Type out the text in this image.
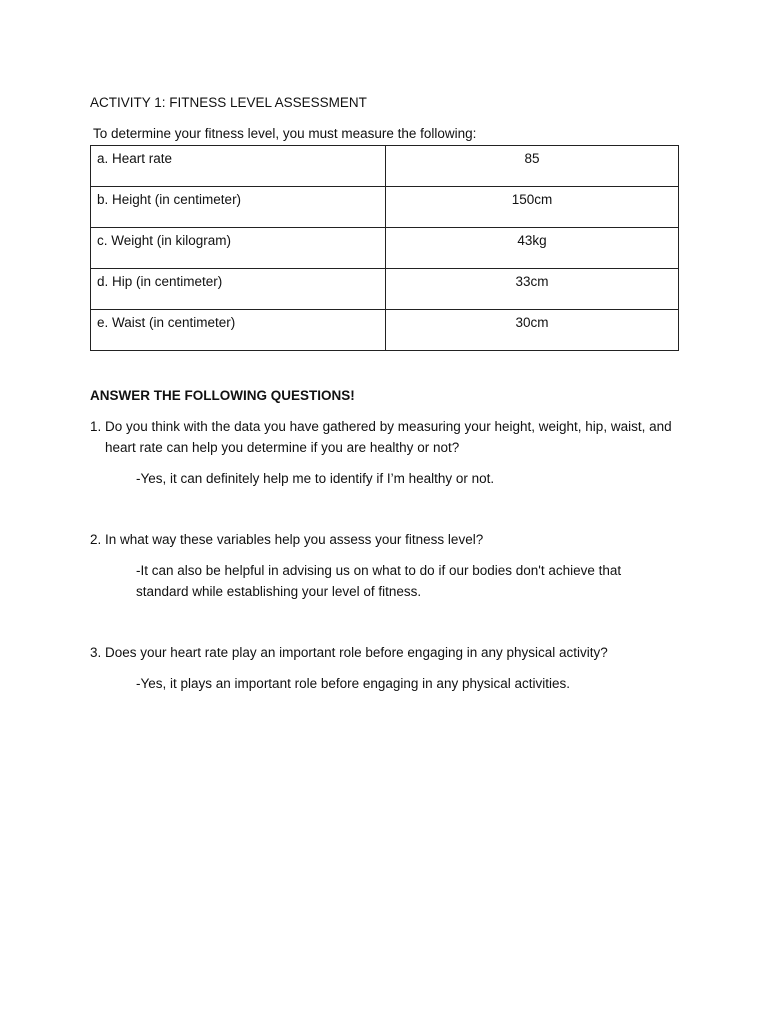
ACTIVITY 1: FITNESS LEVEL ASSESSMENT

To determine your fitness level, you must measure the following:

a. Heart rate	85
b. Height (in centimeter)	150cm
c. Weight (in kilogram)	43kg
d. Hip (in centimeter)	33cm
e. Waist (in centimeter)	30cm
ANSWER THE FOLLOWING QUESTIONS!

1. Do you think with the data you have gathered by measuring your height, weight, hip, waist, and heart rate can help you determine if you are healthy or not?

-Yes, it can definitely help me to identify if I’m healthy or not.

2. In what way these variables help you assess your fitness level?

-It can also be helpful in advising us on what to do if our bodies don't achieve that standard while establishing your level of fitness.

3. Does your heart rate play an important role before engaging in any physical activity?

-Yes, it plays an important role before engaging in any physical activities.
